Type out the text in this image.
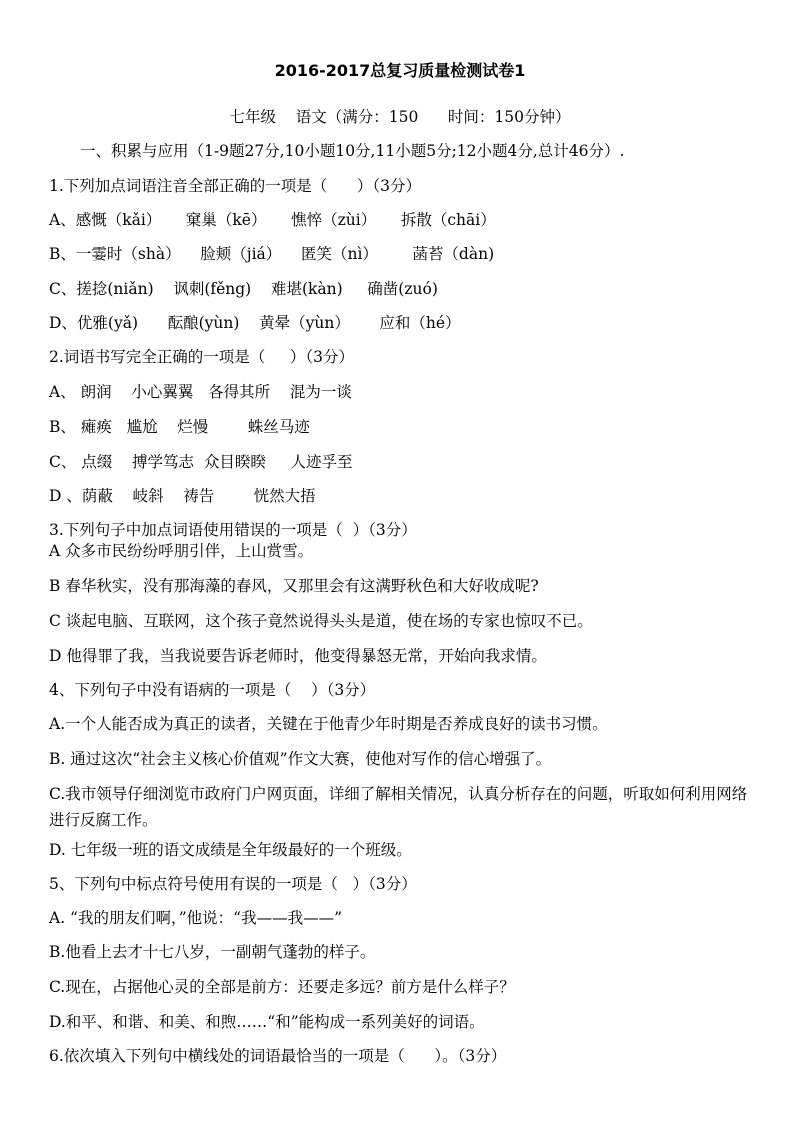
2016-2017总复习质量检测试卷1
七年级    语文（满分：150      时间：150分钟）
一、积累与应用（1-9题27分,10小题10分,11小题5分;12小题4分,总计46分）.
1.下列加点词语注音全部正确的一项是（      ）（3分）
A、感慨（kǎi）     窠巢（kē）     憔悴（zùi）     拆散（chāi）
B、一霎时（shà）    脸颊（jiá）    匿笑（nì）       菡苔（dàn)
C、搓捻(niǎn)    讽刺(fěng)    难堪(kàn)     确凿(zuó)
D、优雅(yǎ)      酝酿(yùn)    黄晕（yùn）      应和（hé）
2.词语书写完全正确的一项是（     ）（3分）
A、 朗润    小心翼翼   各得其所    混为一谈
B、 瘫痪   尴尬    烂慢        蛛丝马迹
C、 点缀    搏学笃志  众目睽睽     人迹孚至
D 、荫蔽    岐斜    祷告        恍然大捂
3.下列句子中加点词语使用错误的一项是（  ）（3分）
A 众多市民纷纷呼朋引伴，上山赏雪。
B 春华秋实，没有那海藻的春风，又那里会有这满野秋色和大好收成呢?
C 谈起电脑、互联网，这个孩子竟然说得头头是道，使在场的专家也惊叹不已。
D 他得罪了我，当我说要告诉老师时，他变得暴怒无常，开始向我求情。
4、下列句子中没有语病的一项是（    ）（3分）
A.一个人能否成为真正的读者，关键在于他青少年时期是否养成良好的读书习惯。
B. 通过这次“社会主义核心价值观”作文大赛，使他对写作的信心增强了。
C.我市领导仔细浏览市政府门户网页面，详细了解相关情况，认真分析存在的问题，听取如何利用网络进行反腐工作。
D. 七年级一班的语文成绩是全年级最好的一个班级。
5、下列句中标点符号使用有误的一项是（   ）（3分）
A. “我的朋友们啊，”他说：“我——我——”
B.他看上去才十七八岁，一副朝气蓬勃的样子。
C.现在，占据他心灵的全部是前方：还要走多远？前方是什么样子？
D.和平、和谐、和美、和煦……“和”能构成一系列美好的词语。
6.依次填入下列句中横线处的词语最恰当的一项是（      ）。（3分）
